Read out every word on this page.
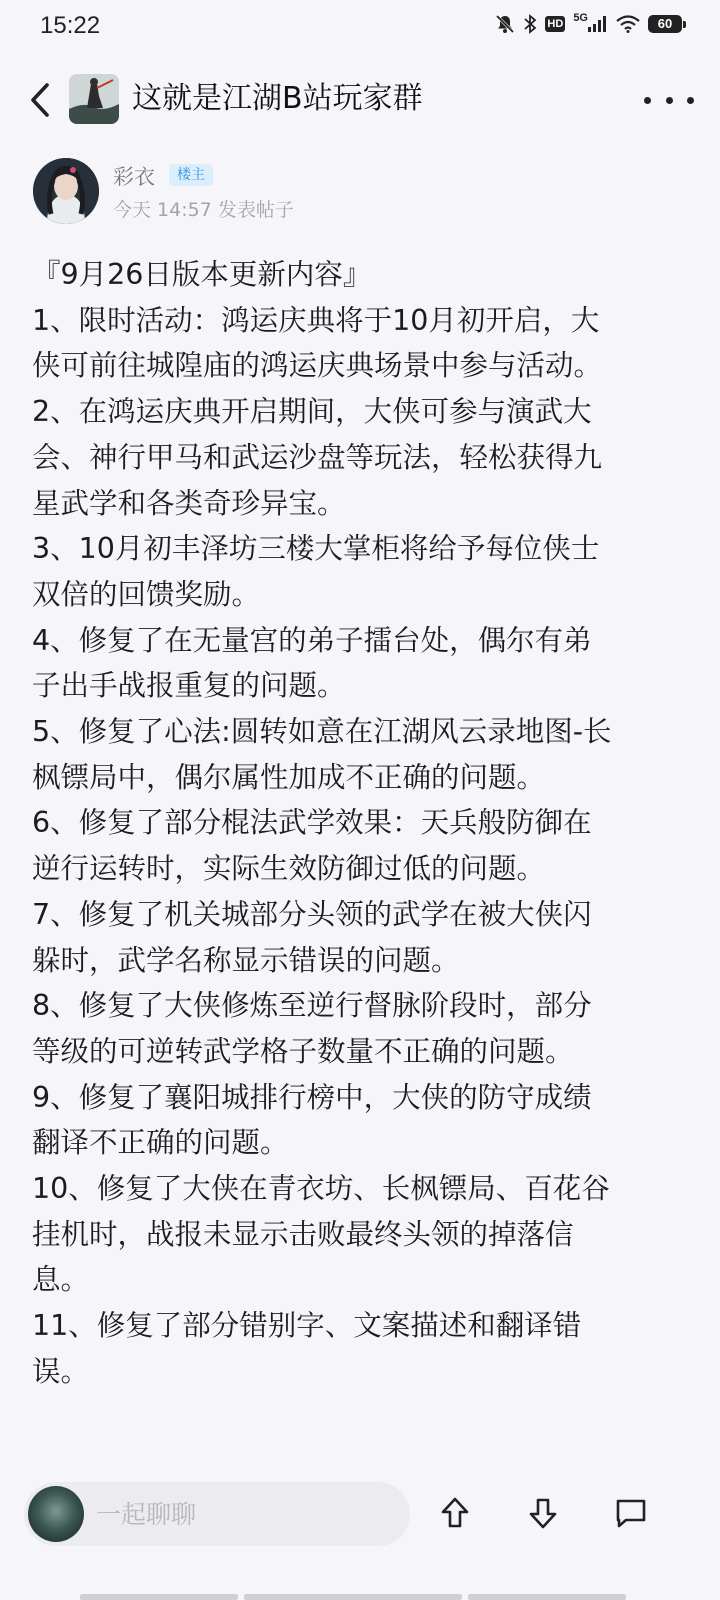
15:22	HD 5G	60
这就是江湖B站玩家群
彩衣	楼主
今天 14:57 发表帖子
『9月26日版本更新内容』
1、限时活动：鸿运庆典将于10月初开启，大
侠可前往城隍庙的鸿运庆典场景中参与活动。
2、在鸿运庆典开启期间，大侠可参与演武大
会、神行甲马和武运沙盘等玩法，轻松获得九
星武学和各类奇珍异宝。
3、10月初丰泽坊三楼大掌柜将给予每位侠士
双倍的回馈奖励。
4、修复了在无量宫的弟子擂台处，偶尔有弟
子出手战报重复的问题。
5、修复了心法:圆转如意在江湖风云录地图-长
枫镖局中，偶尔属性加成不正确的问题。
6、修复了部分棍法武学效果：天兵般防御在
逆行运转时，实际生效防御过低的问题。
7、修复了机关城部分头领的武学在被大侠闪
躲时，武学名称显示错误的问题。
8、修复了大侠修炼至逆行督脉阶段时，部分
等级的可逆转武学格子数量不正确的问题。
9、修复了襄阳城排行榜中，大侠的防守成绩
翻译不正确的问题。
10、修复了大侠在青衣坊、长枫镖局、百花谷
挂机时，战报未显示击败最终头领的掉落信
息。
11、修复了部分错别字、文案描述和翻译错
误。
一起聊聊
